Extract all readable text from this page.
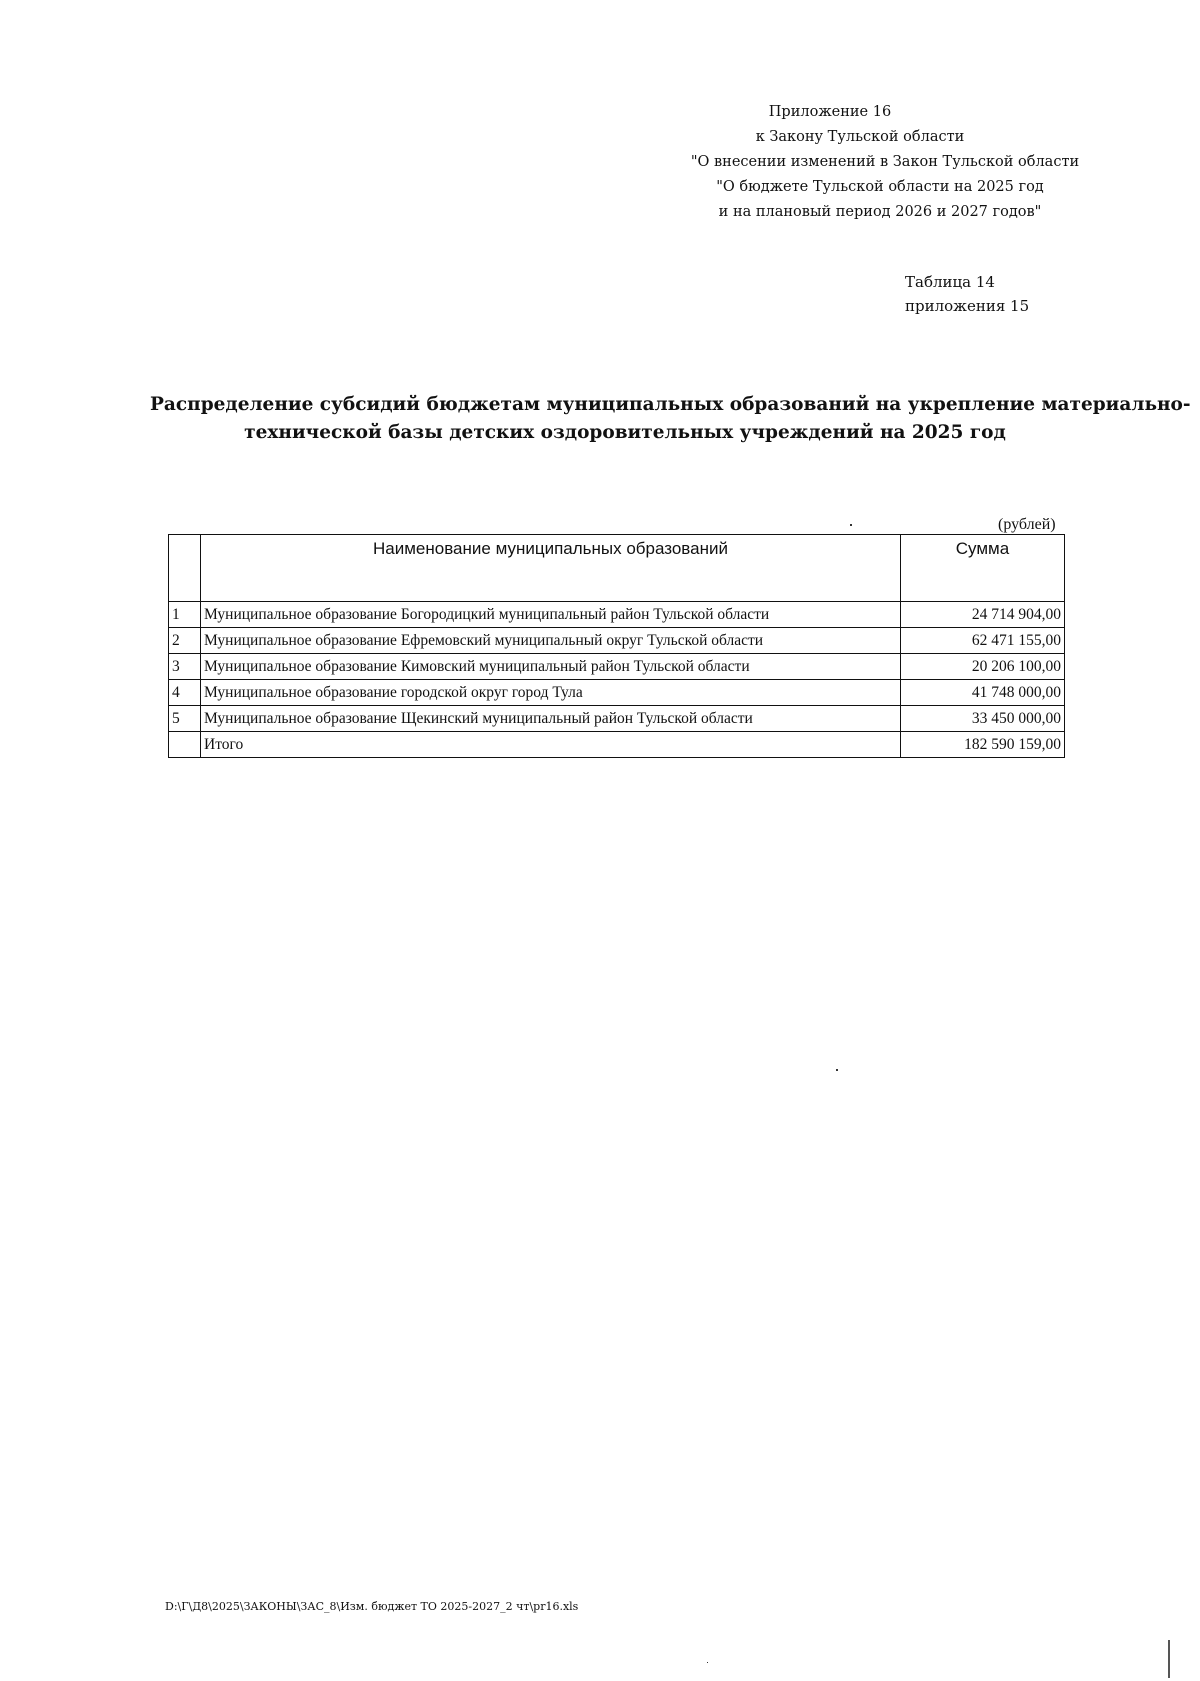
Приложение 16
к Закону Тульской области
"О внесении изменений в Закон Тульской области
"О бюджете Тульской области на 2025 год
и на плановый период 2026 и 2027 годов"
Таблица 14
приложения 15
Распределение субсидий бюджетам муниципальных образований на укрепление материально-
технической базы детских оздоровительных учреждений на 2025 год
(рублей)
	Наименование муниципальных образований	Сумма
1	Муниципальное образование Богородицкий муниципальный район Тульской области	24 714 904,00
2	Муниципальное образование Ефремовский муниципальный округ Тульской области	62 471 155,00
3	Муниципальное образование Кимовский муниципальный район Тульской области	20 206 100,00
4	Муниципальное образование городской округ город Тула	41 748 000,00
5	Муниципальное образование Щекинский муниципальный район Тульской области	33 450 000,00
	Итого	182 590 159,00
D:\Г\Д8\2025\ЗАКОНЫ\ЗАС_8\Изм. бюджет ТО 2025-2027_2 чт\pr16.xls
